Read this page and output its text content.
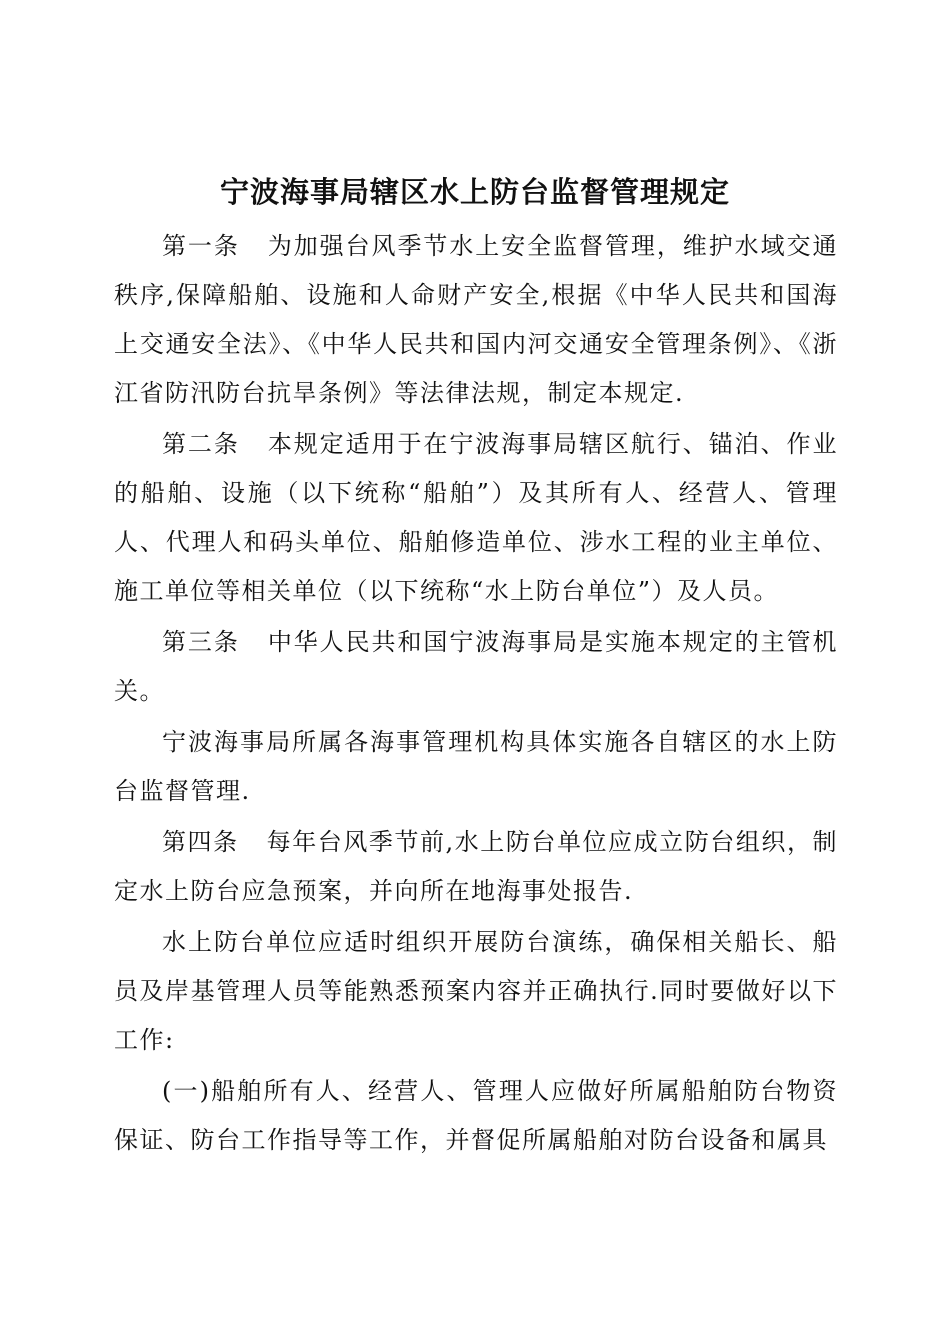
宁波海事局辖区水上防台监督管理规定

第一条 为加强台风季节水上安全监督管理，维护水域交通秩序,保障船舶、设施和人命财产安全,根据《中华人民共和国海上交通安全法》、《中华人民共和国内河交通安全管理条例》、《浙江省防汛防台抗旱条例》等法律法规，制定本规定.

第二条 本规定适用于在宁波海事局辖区航行、锚泊、作业的船舶、设施（以下统称“船舶”）及其所有人、经营人、管理人、代理人和码头单位、船舶修造单位、涉水工程的业主单位、施工单位等相关单位（以下统称“水上防台单位”）及人员。

第三条 中华人民共和国宁波海事局是实施本规定的主管机关。

宁波海事局所属各海事管理机构具体实施各自辖区的水上防台监督管理.

第四条 每年台风季节前,水上防台单位应成立防台组织，制定水上防台应急预案，并向所在地海事处报告.

水上防台单位应适时组织开展防台演练，确保相关船长、船员及岸基管理人员等能熟悉预案内容并正确执行.同时要做好以下工作:

(一)船舶所有人、经营人、管理人应做好所属船舶防台物资保证、防台工作指导等工作，并督促所属船舶对防台设备和属具
